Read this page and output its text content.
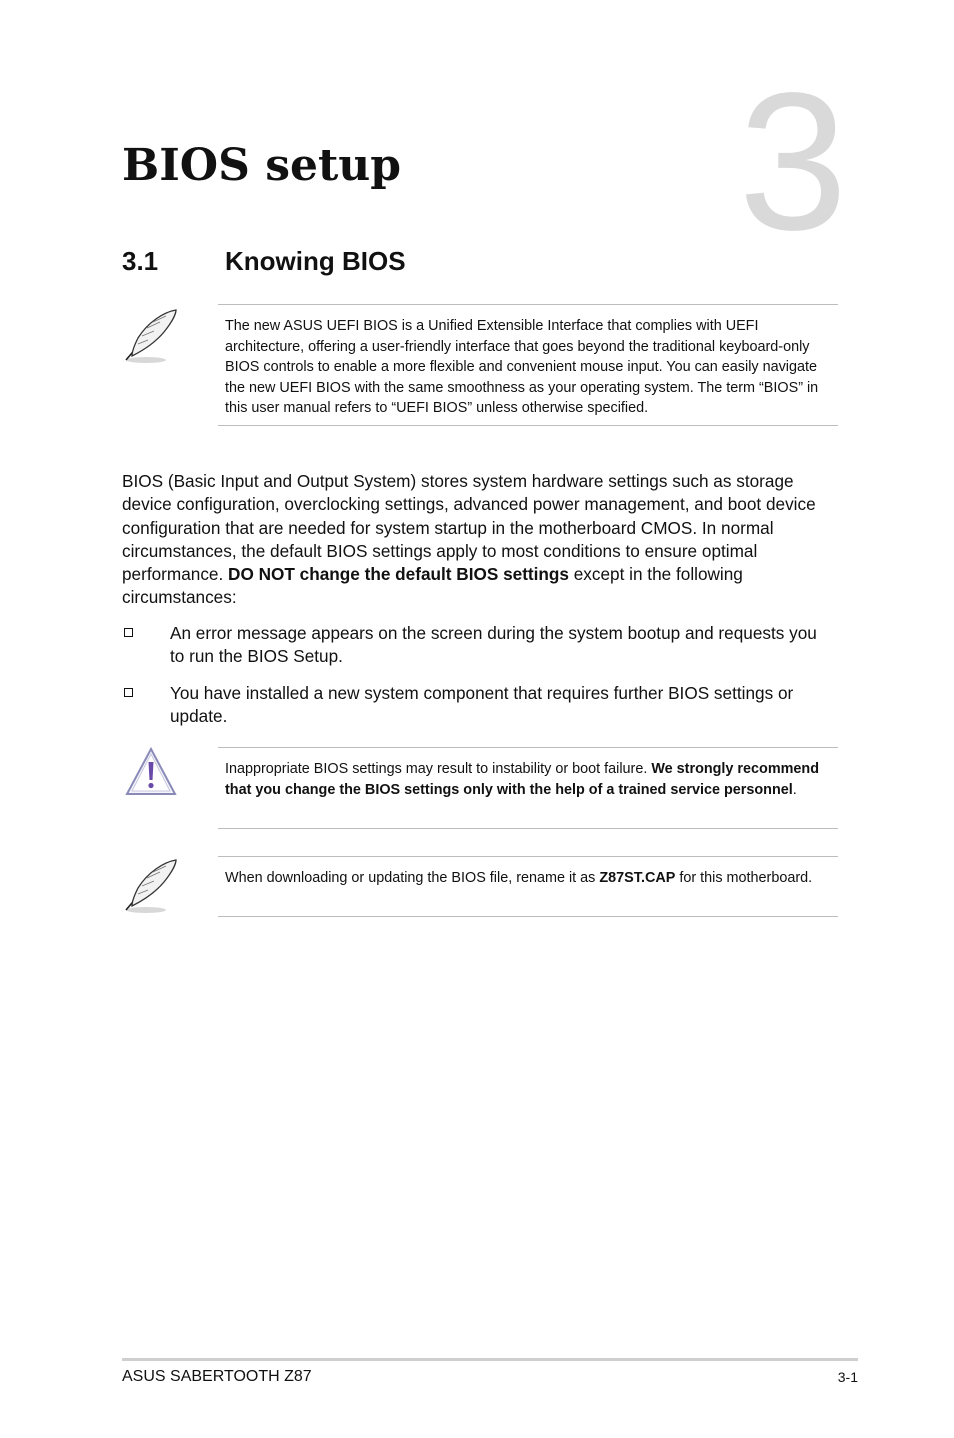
3
BIOS setup
3.1	Knowing BIOS
The new ASUS UEFI BIOS is a Unified Extensible Interface that complies with UEFI architecture, offering a user-friendly interface that goes beyond the traditional keyboard-only BIOS controls to enable a more flexible and convenient mouse input. You can easily navigate the new UEFI BIOS with the same smoothness as your operating system. The term “BIOS” in this user manual refers to “UEFI BIOS” unless otherwise specified.

BIOS (Basic Input and Output System) stores system hardware settings such as storage device configuration, overclocking settings, advanced power management, and boot device configuration that are needed for system startup in the motherboard CMOS. In normal circumstances, the default BIOS settings apply to most conditions to ensure optimal performance. DO NOT change the default BIOS settings except in the following circumstances:

An error message appears on the screen during the system bootup and requests you to run the BIOS Setup.
You have installed a new system component that requires further BIOS settings or update.
Inappropriate BIOS settings may result to instability or boot failure. We strongly recommend that you change the BIOS settings only with the help of a trained service personnel.
When downloading or updating the BIOS file, rename it as Z87ST.CAP for this motherboard.
ASUS SABERTOOTH Z87	3-1
